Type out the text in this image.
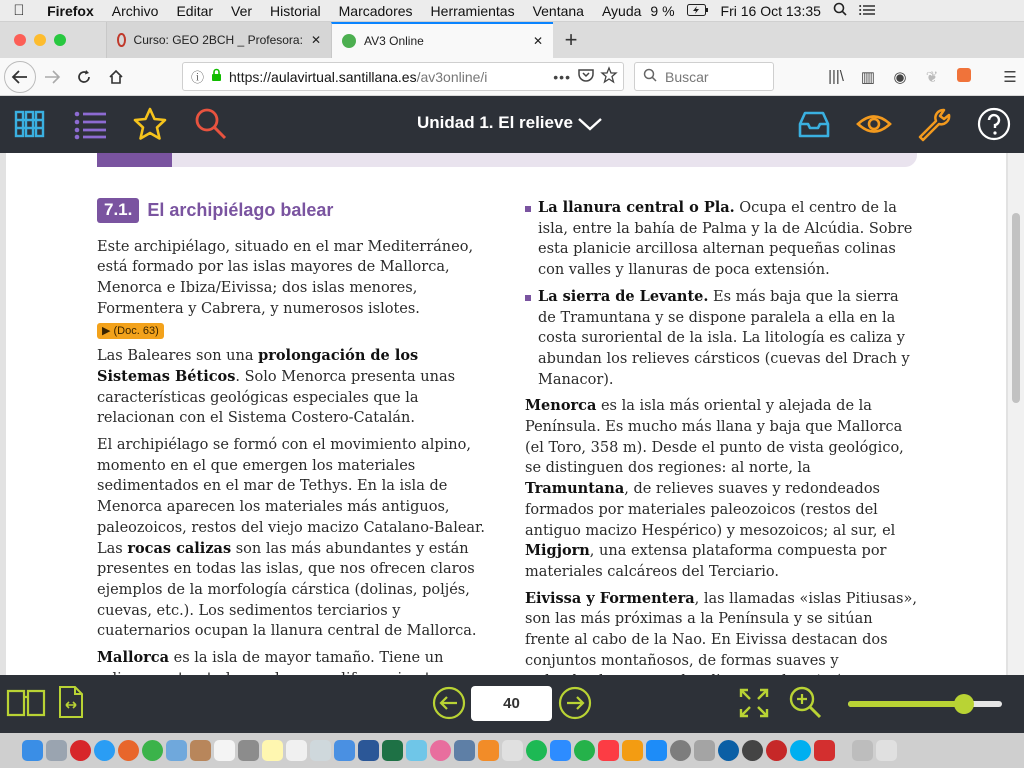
Firefox	Archivo	Editar	Ver	Historial	Marcadores	Herramientas	Ventana	Ayuda 9 %	Fri 16 Oct 13:35
Curso: GEO 2BCH _ Profesora: ✕	AV3 Online	✕ +
ⓘ https://aulavirtual.santillana.es/av3online/i	•••	Buscar	|||\	▥	◉	❦	☰
Unidad 1. El relieve
7.1. El archipiélago balear

Este archipiélago, situado en el mar Mediterráneo, está formado por las islas mayores de Mallorca, Menorca e Ibiza/Eivissa; dos islas menores, Formentera y Cabrera, y numerosos islotes. ▶ (Doc. 63)

Las Baleares son una prolongación de los Sistemas Béticos. Solo Menorca presenta unas características geológicas especiales que la relacionan con el Sistema Costero-Catalán.

El archipiélago se formó con el movimiento alpino, momento en el que emergen los materiales sedimentados en el mar de Tethys. En la isla de Menorca aparecen los materiales más antiguos, paleozoicos, restos del viejo macizo Catalano-Balear. Las rocas calizas son las más abundantes y están presentes en todas las islas, que nos ofrecen claros ejemplos de la morfología cárstica (dolinas, poljés, cuevas, etc.). Los sedimentos terciarios y cuaternarios ocupan la llanura central de Mallorca.

Mallorca es la isla de mayor tamaño. Tiene un

La llanura central o Pla. Ocupa el centro de la isla, entre la bahía de Palma y la de Alcúdia. Sobre esta planicie arcillosa alternan pequeñas colinas con valles y llanuras de poca extensión.
La sierra de Levante. Es más baja que la sierra de Tramuntana y se dispone paralela a ella en la costa suroriental de la isla. La litología es caliza y abundan los relieves cársticos (cuevas del Drach y Manacor).

Menorca es la isla más oriental y alejada de la Península. Es mucho más llana y baja que Mallorca (el Toro, 358 m). Desde el punto de vista geológico, se distinguen dos regiones: al norte, la Tramuntana, de relieves suaves y redondeados formados por materiales paleozoicos (restos del antiguo macizo Hespérico) y mesozoicos; al sur, el Migjorn, una extensa plataforma compuesta por materiales calcáreos del Terciario.

Eivissa y Formentera, las llamadas «islas Pitiusas», son las más próximas a la Península y se sitúan frente al cabo de la Nao. En Eivissa destacan dos conjuntos montañosos, de formas suaves y

40
